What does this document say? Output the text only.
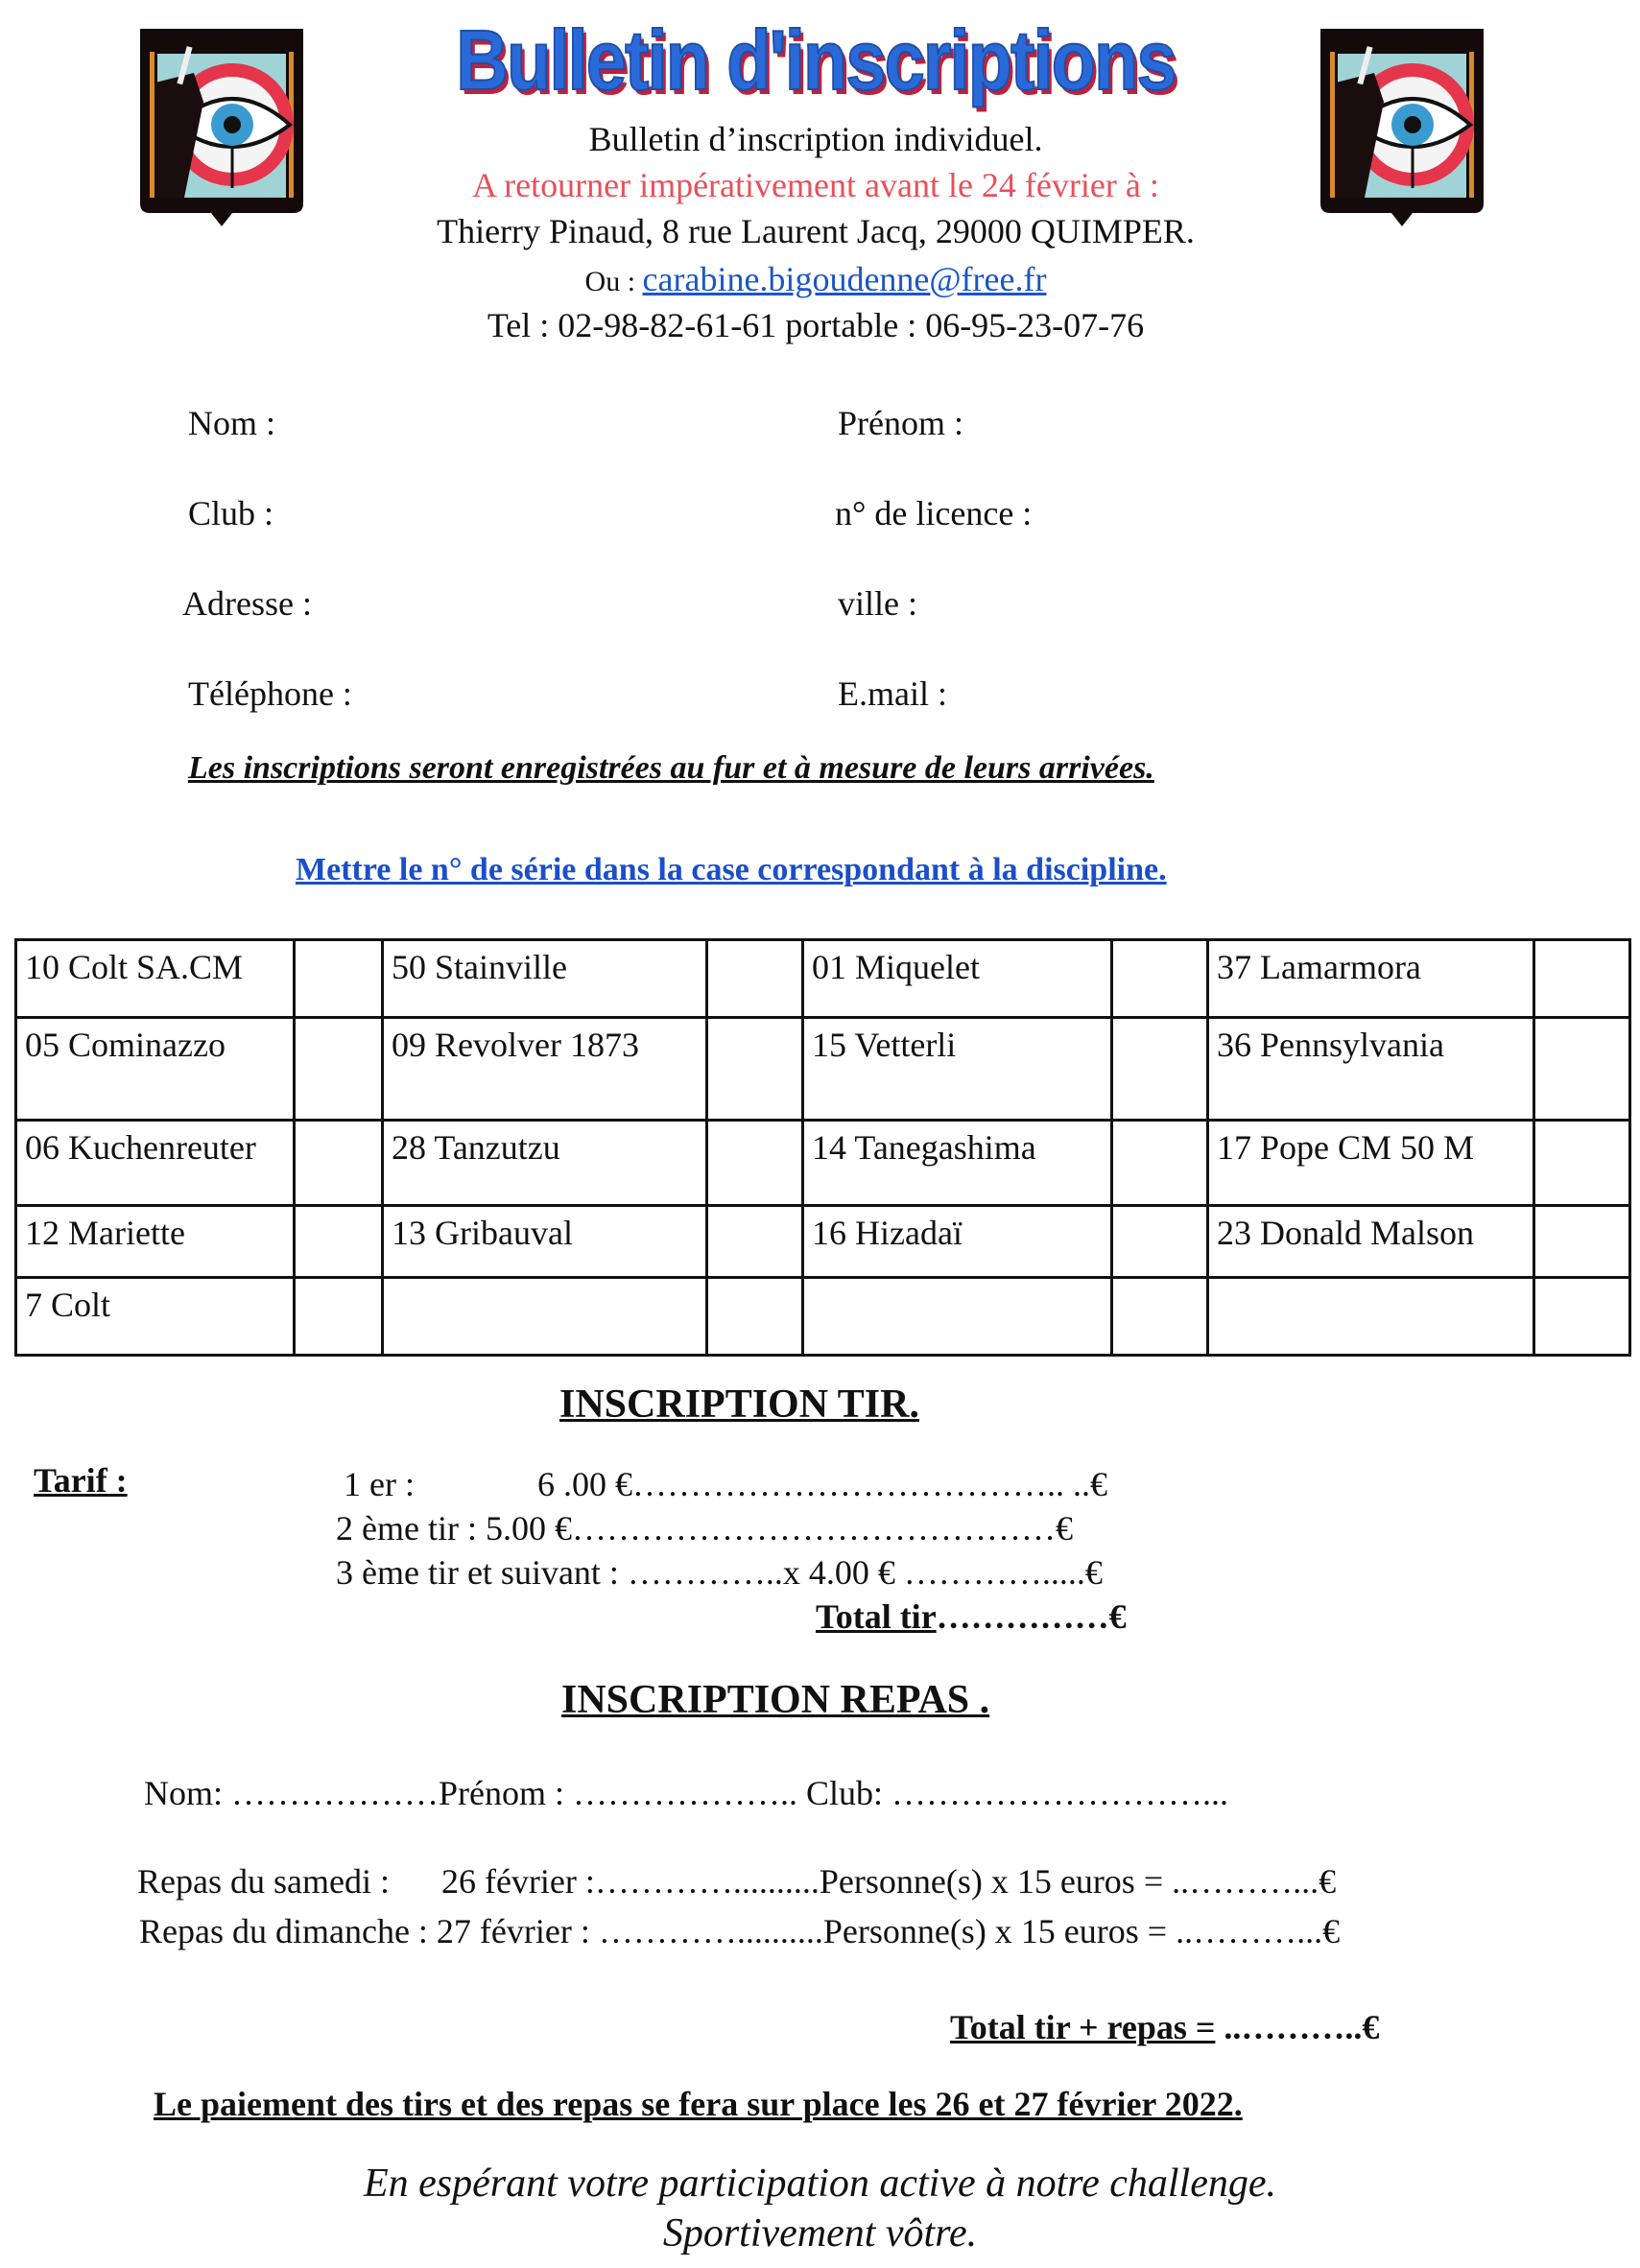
Bulletin d'inscriptions
Bulletin d’inscription individuel.
A retourner impérativement avant le 24 février à :
Thierry Pinaud, 8 rue Laurent Jacq, 29000 QUIMPER.
Ou : carabine.bigoudenne@free.fr
Tel : 02-98-82-61-61 portable : 06-95-23-07-76
Nom :	Prénom :
Club :	n° de licence :
Adresse :	ville :
Téléphone :	E.mail :
Les inscriptions seront enregistrées au fur et à mesure de leurs arrivées.
Mettre le n° de série dans la case correspondant à la discipline.
10 Colt SA.CM		50 Stainville		01 Miquelet		37 Lamarmora	
05 Cominazzo		09 Revolver 1873		15 Vetterli		36 Pennsylvania	
06 Kuchenreuter		28 Tanzutzu		14 Tanegashima		17 Pope CM 50 M	
12 Mariette		13 Gribauval		16 Hizadaï		23 Donald Malson	
7 Colt							
INSCRIPTION TIR.
Tarif :	1 er :	6 .00 €……………………………….. ..€
2 ème tir : 5.00 €……………………………………€
3 ème tir et suivant : …………..x 4.00 € ………….....€
Total tir……………€
INSCRIPTION REPAS .
Nom: ………………Prénom : ……………….. Club: ………………………...
Repas du samedi : 26 février :…………..........Personne(s) x 15 euros = ..………...€
Repas du dimanche : 27 février : …………..........Personne(s) x 15 euros = ..………...€
Total tir + repas = ..………..€
Le paiement des tirs et des repas se fera sur place les 26 et 27 février 2022.
En espérant votre participation active à notre challenge.
Sportivement vôtre.
